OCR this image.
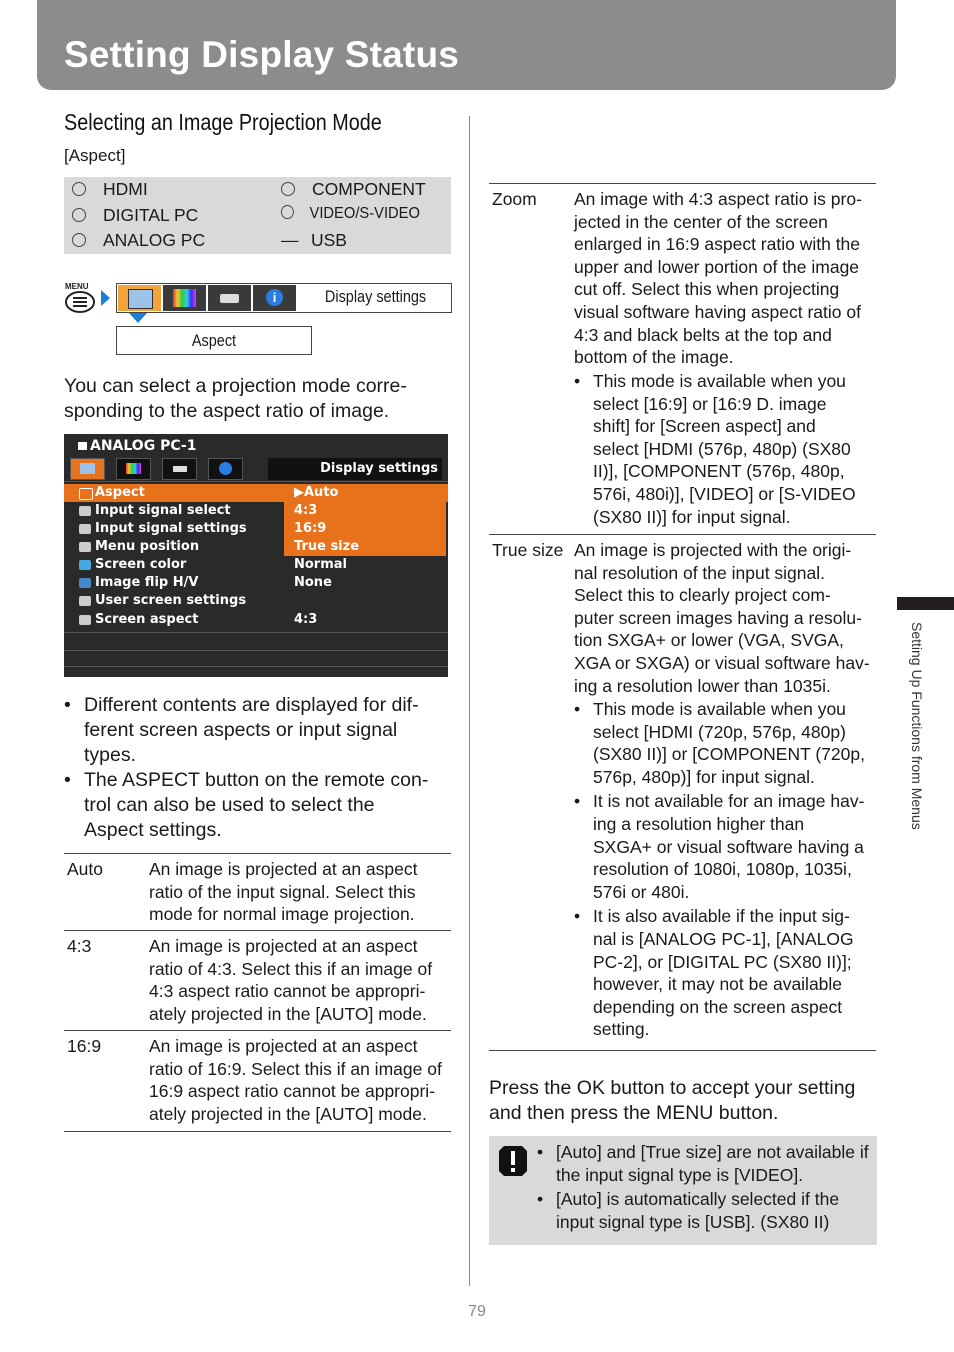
Setting Display Status
Setting Up Functions from Menus
Selecting an Image Projection Mode
[Aspect]
HDMI
DIGITAL PC
ANALOG PC
COMPONENT
VIDEO/S-VIDEO
— USB
MENU
i	Display settings
Aspect
You can select a projection mode corre-
sponding to the aspect ratio of image.
ANALOG PC-1
Display settings
Aspect	▶Auto
Input signal select	4:3
Input signal settings	16:9
Menu position	True size
Screen color	Normal
Image flip H/V	None
User screen settings
Screen aspect	4:3
• Different contents are displayed for dif-
ferent screen aspects or input signal
types.
• The ASPECT button on the remote con-
trol can also be used to select the
Aspect settings.
Auto	An image is projected at an aspect
ratio of the input signal. Select this
mode for normal image projection.
4:3	An image is projected at an aspect
ratio of 4:3. Select this if an image of
4:3 aspect ratio cannot be appropri-
ately projected in the [AUTO] mode.
16:9	An image is projected at an aspect
ratio of 16:9. Select this if an image of
16:9 aspect ratio cannot be appropri-
ately projected in the [AUTO] mode.
Zoom An image with 4:3 aspect ratio is pro-
jected in the center of the screen
enlarged in 16:9 aspect ratio with the
upper and lower portion of the image
cut off. Select this when projecting
visual software having aspect ratio of
4:3 and black belts at the top and
bottom of the image.
• This mode is available when you
select [16:9] or [16:9 D. image
shift] for [Screen aspect] and
select [HDMI (576p, 480p) (SX80
II)], [COMPONENT (576p, 480p,
576i, 480i)], [VIDEO] or [S-VIDEO
(SX80 II)] for input signal.
True size An image is projected with the origi-
nal resolution of the input signal.
Select this to clearly project com-
puter screen images having a resolu-
tion SXGA+ or lower (VGA, SVGA,
XGA or SXGA) or visual software hav-
ing a resolution lower than 1035i.
• This mode is available when you
select [HDMI (720p, 576p, 480p)
(SX80 II)] or [COMPONENT (720p,
576p, 480p)] for input signal.
• It is not available for an image hav-
ing a resolution higher than
SXGA+ or visual software having a
resolution of 1080i, 1080p, 1035i,
576i or 480i.
• It is also available if the input sig-
nal is [ANALOG PC-1], [ANALOG
PC-2], or [DIGITAL PC (SX80 II)];
however, it may not be available
depending on the screen aspect
setting.
Press the OK button to accept your setting and then press the MENU button.
• [Auto] and [True size] are not available if the input signal type is [VIDEO].
• [Auto] is automatically selected if the input signal type is [USB]. (SX80 II)
79
